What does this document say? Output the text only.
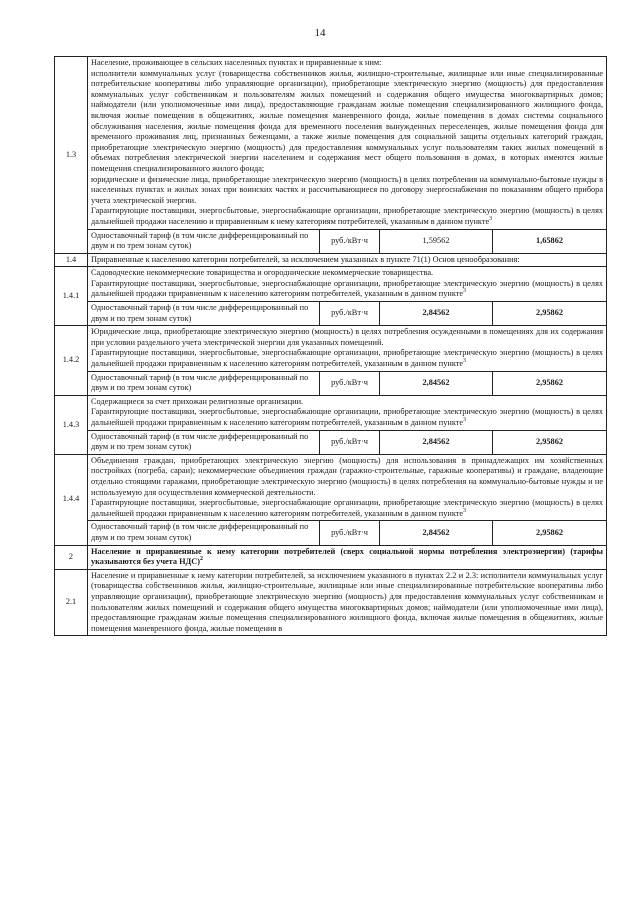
14
1.3	Население, проживающее в сельских населенных пунктах и приравненные к ним:

исполнители коммунальных услуг (товарищества собственников жилья, жилищно-строительные, жилищные или иные специализированные потребительские кооперативы либо управляющие организации), приобретающие электрическую энергию (мощность) для предоставления коммунальных услуг собственникам и пользователям жилых помещений и содержания общего имущества многоквартирных домов; наймодатели (или уполномоченные ими лица), предоставляющие гражданам жилые помещения специализированного жилищного фонда, включая жилые помещения в общежитиях, жилые помещения маневренного фонда, жилые помещения в домах системы социального обслуживания населения, жилые помещения фонда для временного поселения вынужденных переселенцев, жилые помещения фонда для временного проживания лиц, признанных беженцами, а также жилые помещения для социальной защиты отдельных категорий граждан, приобретающие электрическую энергию (мощность) для предоставления коммунальных услуг пользователям таких жилых помещений в объемах потребления электрической энергии населением и содержания мест общего пользования в домах, в которых имеются жилые помещения специализированного жилого фонда;

юридические и физические лица, приобретающие электрическую энергию (мощность) в целях потребления на коммунально-бытовые нужды в населенных пунктах и жилых зонах при воинских частях и рассчитывающиеся по договору энергоснабжения по показаниям общего прибора учета электрической энергии.

Гарантирующие поставщики, энергосбытовые, энергоснабжающие организации, приобретающие электрическую энергию (мощность) в целях дальнейшей продажи населению и приравненным к нему категориям потребителей, указанным в данном пункте$^3$

	Одноставочный тариф (в том числе дифференцированный по двум и по трем зонам суток)	руб./кВт·ч	1,59562	1,65862
1.4	Приравненные к населению категории потребителей, за исключением указанных в пункте 71(1) Основ ценообразования:			
1.4.1	Садоводческие некоммерческие товарищества и огороднические некоммерческие товарищества.

Гарантирующие поставщики, энергосбытовые, энергоснабжающие организации, приобретающие электрическую энергию (мощность) в целях дальнейшей продажи приравненным к населению категориям потребителей, указанным в данном пункте$^3$

	Одноставочный тариф (в том числе дифференцированный по двум и по трем зонам суток)	руб./кВт·ч	2,84562	2,95862
1.4.2	Юридические лица, приобретающие электрическую энергию (мощность) в целях потребления осужденными в помещениях для их содержания при условии раздельного учета электрической энергии для указанных помещений.

Гарантирующие поставщики, энергосбытовые, энергоснабжающие организации, приобретающие электрическую энергию (мощность) в целях дальнейшей продажи приравненным к населению категориям потребителей, указанным в данном пункте$^3$

	Одноставочный тариф (в том числе дифференцированный по двум и по трем зонам суток)	руб./кВт·ч	2,84562	2,95862
1.4.3	Содержащиеся за счет прихожан религиозные организации.

Гарантирующие поставщики, энергосбытовые, энергоснабжающие организации, приобретающие электрическую энергию (мощность) в целях дальнейшей продажи приравненным к населению категориям потребителей, указанным в данном пункте$^3$

	Одноставочный тариф (в том числе дифференцированный по двум и по трем зонам суток)	руб./кВт·ч	2,84562	2,95862
1.4.4	Объединения граждан, приобретающих электрическую энергию (мощность) для использования в принадлежащих им хозяйственных постройках (погреба, сараи); некоммерческие объединения граждан (гаражно-строительные, гаражные кооперативы) и граждане, владеющие отдельно стоящими гаражами, приобретающие электрическую энергию (мощность) в целях потребления на коммунально-бытовые нужды и не используемую для осуществления коммерческой деятельности.

Гарантирующие поставщики, энергосбытовые, энергоснабжающие организации, приобретающие электрическую энергию (мощность) в целях дальнейшей продажи приравненным к населению категориям потребителей, указанным в данном пункте$^3$

	Одноставочный тариф (в том числе дифференцированный по двум и по трем зонам суток)	руб./кВт·ч	2,84562	2,95862
2	Население и приравненные к нему категории потребителей (сверх социальной нормы потребления электроэнергии) (тарифы указываются без учета НДС)$^2$
2.1	Население и приравненные к нему категории потребителей, за исключением указанного в пунктах 2.2 и 2.3: исполнители коммунальных услуг (товарищества собственников жилья, жилищно-строительные, жилищные или иные специализированные потребительские кооперативы либо управляющие организации), приобретающие электрическую энергию (мощность) для предоставления коммунальных услуг собственникам и пользователям жилых помещений и содержания общего имущества многоквартирных домов; наймодатели (или уполномоченные ими лица), предоставляющие гражданам жилые помещения специализированного жилищного фонда, включая жилые помещения в общежитиях, жилые помещения маневренного фонда, жилые помещения в			
